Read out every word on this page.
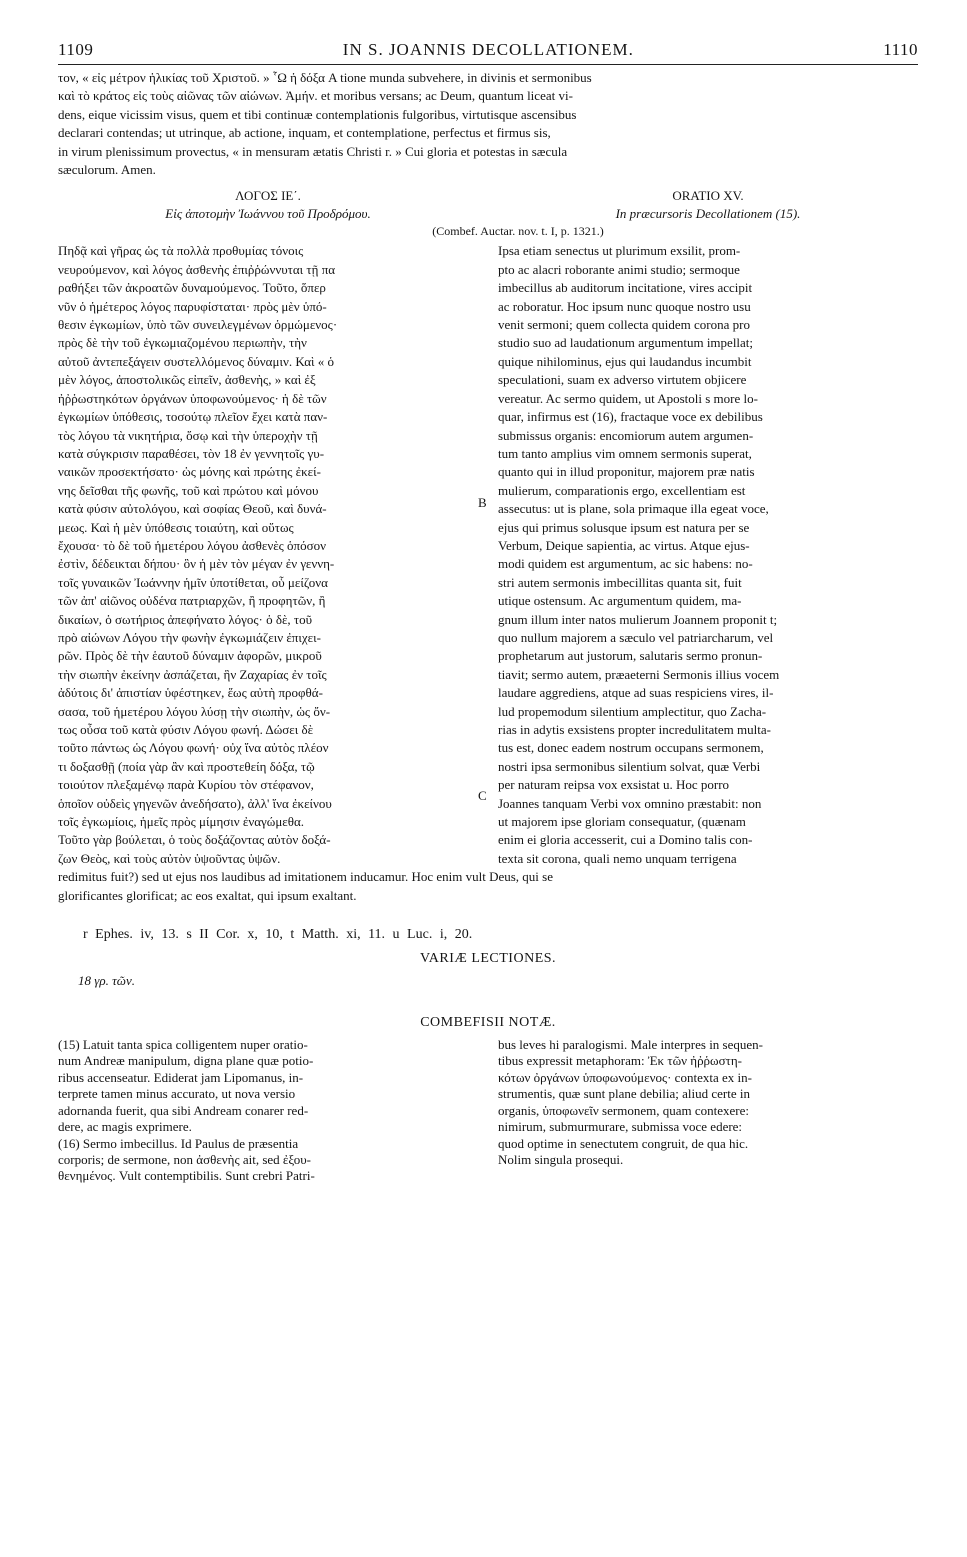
1109	IN S. JOANNIS DECOLLATIONEM.	1110

τον, « εἰς μέτρον ἡλικίας τοῦ Χριστοῦ. » ῟Ω ἡ δόξα A tione munda subvehere, in divinis et sermonibus

καὶ τὸ κράτος εἰς τοὺς αἰῶνας τῶν αἰώνων. Ἀμήν. et moribus versans; ac Deum, quantum liceat vi-

dens, eique vicissim visus, quem et tibi continuæ contemplationis fulgoribus, virtutisque ascensibus

declarari contendas; ut utrinque, ab actione, inquam, et contemplatione, perfectus et firmus sis,

in virum plenissimum provectus, « in mensuram ætatis Christi r. » Cui gloria et potestas in sæcula

sæculorum. Amen.

ΛΟΓΟΣ ΙΕ΄.
Εἰς ἀποτομὴν Ἰωάννου τοῦ Προδρόμου.
ORATIO XV.
In præcursoris Decollationem (15).
(Combef. Auctar. nov. t. I, p. 1321.)

Πηδᾷ καὶ γῆρας ὡς τὰ πολλὰ προθυμίας τόνοις

νευρούμενον, καὶ λόγος ἀσθενὴς ἐπιῤῥώννυται τῇ πα

ραθήξει τῶν ἀκροατῶν δυναμούμενος. Τοῦτο, ὅπερ

νῦν ὁ ἡμέτερος λόγος παρυφίσταται· πρὸς μὲν ὑπό-

θεσιν ἐγκωμίων, ὑπὸ τῶν συνειλεγμένων ὁρμώμενος·

πρὸς δὲ τὴν τοῦ ἐγκωμιαζομένου περιωπὴν, τὴν

αὐτοῦ ἀντεπεξάγειν συστελλόμενος δύναμιν. Καὶ « ὁ

μὲν λόγος, ἀποστολικῶς εἰπεῖν, ἀσθενὴς, » καὶ ἐξ

ἠῤῥωστηκότων ὀργάνων ὑποφωνούμενος· ἡ δὲ τῶν

ἐγκωμίων ὑπόθεσις, τοσούτῳ πλεῖον ἔχει κατὰ παν-

τὸς λόγου τὰ νικητήρια, ὅσῳ καὶ τὴν ὑπεροχὴν τῇ

κατὰ σύγκρισιν παραθέσει, τὸν 18 ἐν γεννητοῖς γυ-

ναικῶν προσεκτήσατο· ὡς μόνης καὶ πρώτης ἐκεί-

νης δεῖσθαι τῆς φωνῆς, τοῦ καὶ πρώτου καὶ μόνου

κατὰ φύσιν αὐτολόγου, καὶ σοφίας Θεοῦ, καὶ δυνά-

μεως. Καὶ ἡ μὲν ὑπόθεσις τοιαύτη, καὶ οὕτως

ἔχουσα· τὸ δὲ τοῦ ἡμετέρου λόγου ἀσθενὲς ὁπόσον

ἐστὶν, δέδεικται δήπου· ὃν ἡ μὲν τὸν μέγαν ἐν γεννη-

τοῖς γυναικῶν Ἰωάννην ἡμῖν ὑποτίθεται, οὗ μείζονα

τῶν ἀπ' αἰῶνος οὐδένα πατριαρχῶν, ἢ προφητῶν, ἢ

δικαίων, ὁ σωτήριος ἀπεφήνατο λόγος· ὁ δὲ, τοῦ

πρὸ αἰώνων Λόγου τὴν φωνὴν ἐγκωμιάζειν ἐπιχει-

ρῶν. Πρὸς δὲ τὴν ἑαυτοῦ δύναμιν ἀφορῶν, μικροῦ

τὴν σιωπὴν ἐκείνην ἀσπάζεται, ἣν Ζαχαρίας ἐν τοῖς

ἀδύτοις δι' ἀπιστίαν ὑφέστηκεν, ἕως αὐτὴ προφθά-

σασα, τοῦ ἡμετέρου λόγου λύσῃ τὴν σιωπὴν, ὡς ὄν-

τως οὖσα τοῦ κατὰ φύσιν Λόγου φωνή. Δώσει δὲ

τοῦτο πάντως ὡς Λόγου φωνή· οὐχ ἵνα αὐτὸς πλέον

τι δοξασθῇ (ποία γὰρ ἂν καὶ προστεθείη δόξα, τῷ

τοιούτον πλεξαμένῳ παρὰ Κυρίου τὸν στέφανον,

ὁποῖον οὐδεὶς γηγενῶν ἀνεδήσατο), ἀλλ' ἵνα ἐκείνου

τοῖς ἐγκωμίοις, ἡμεῖς πρὸς μίμησιν ἐναγώμεθα.

Τοῦτο γὰρ βούλεται, ὁ τοὺς δοξάζοντας αὐτὸν δοξά-

ζων Θεὸς, καὶ τοὺς αὐτὸν ὑψοῦντας ὑψῶν.

Ipsa etiam senectus ut plurimum exsilit, prom-

pto ac alacri roborante animi studio; sermoque

imbecillus ab auditorum incitatione, vires accipit

ac roboratur. Hoc ipsum nunc quoque nostro usu

venit sermoni; quem collecta quidem corona pro

studio suo ad laudationum argumentum impellat;

quique nihilominus, ejus qui laudandus incumbit

speculationi, suam ex adverso virtutem objicere

vereatur. Ac sermo quidem, ut Apostoli s more lo-

quar, infirmus est (16), fractaque voce ex debilibus

submissus organis: encomiorum autem argumen-

tum tanto amplius vim omnem sermonis superat,

quanto qui in illud proponitur, majorem præ natis

mulierum, comparationis ergo, excellentiam est

assecutus: ut is plane, sola primaque illa egeat voce,

ejus qui primus solusque ipsum est natura per se

Verbum, Deique sapientia, ac virtus. Atque ejus-

modi quidem est argumentum, ac sic habens: no-

stri autem sermonis imbecillitas quanta sit, fuit

utique ostensum. Ac argumentum quidem, ma-

gnum illum inter natos mulierum Joannem proponit t;

quo nullum majorem a sæculo vel patriarcharum, vel

prophetarum aut justorum, salutaris sermo pronun-

tiavit; sermo autem, præaeterni Sermonis illius vocem

laudare aggrediens, atque ad suas respiciens vires, il-

lud propemodum silentium amplectitur, quo Zacha-

rias in adytis exsistens propter incredulitatem multa-

tus est, donec eadem nostrum occupans sermonem,

nostri ipsa sermonibus silentium solvat, quæ Verbi

per naturam reipsa vox exsistat u. Hoc porro

Joannes tanquam Verbi vox omnino præstabit: non

ut majorem ipse gloriam consequatur, (quænam

enim ei gloria accesserit, cui a Domino talis con-

texta sit corona, quali nemo unquam terrigena

redimitus fuit?) sed ut ejus nos laudibus ad imitationem inducamur. Hoc enim vult Deus, qui se

glorificantes glorificat; ac eos exaltat, qui ipsum exaltant.

r Ephes. iv, 13. s II Cor. x, 10, t Matth. xi, 11. u Luc. i, 20.
VARIÆ LECTIONES.
18 γρ. τῶν.
COMBEFISII NOTÆ.

(15) Latuit tanta spica colligentem nuper oratio-

num Andreæ manipulum, digna plane quæ potio-

ribus accenseatur. Ediderat jam Lipomanus, in-

terprete tamen minus accurato, ut nova versio

adornanda fuerit, qua sibi Andream conarer red-

dere, ac magis exprimere.

(16) Sermo imbecillus. Id Paulus de præsentia

corporis; de sermone, non ἀσθενὴς ait, sed ἐξου-

θενημένος. Vult contemptibilis. Sunt crebri Patri-

bus leves hi paralogismi. Male interpres in sequen-

tibus expressit metaphoram: Ἐκ τῶν ἠῤῥωστη-

κότων ὀργάνων ὑποφωνούμενος· contexta ex in-

strumentis, quæ sunt plane debilia; aliud certe in

organis, ὑποφωνεῖν sermonem, quam contexere:

nimirum, submurmurare, submissa voce edere:

quod optime in senectutem congruit, de qua hic.

Nolim singula prosequi.

B
C
